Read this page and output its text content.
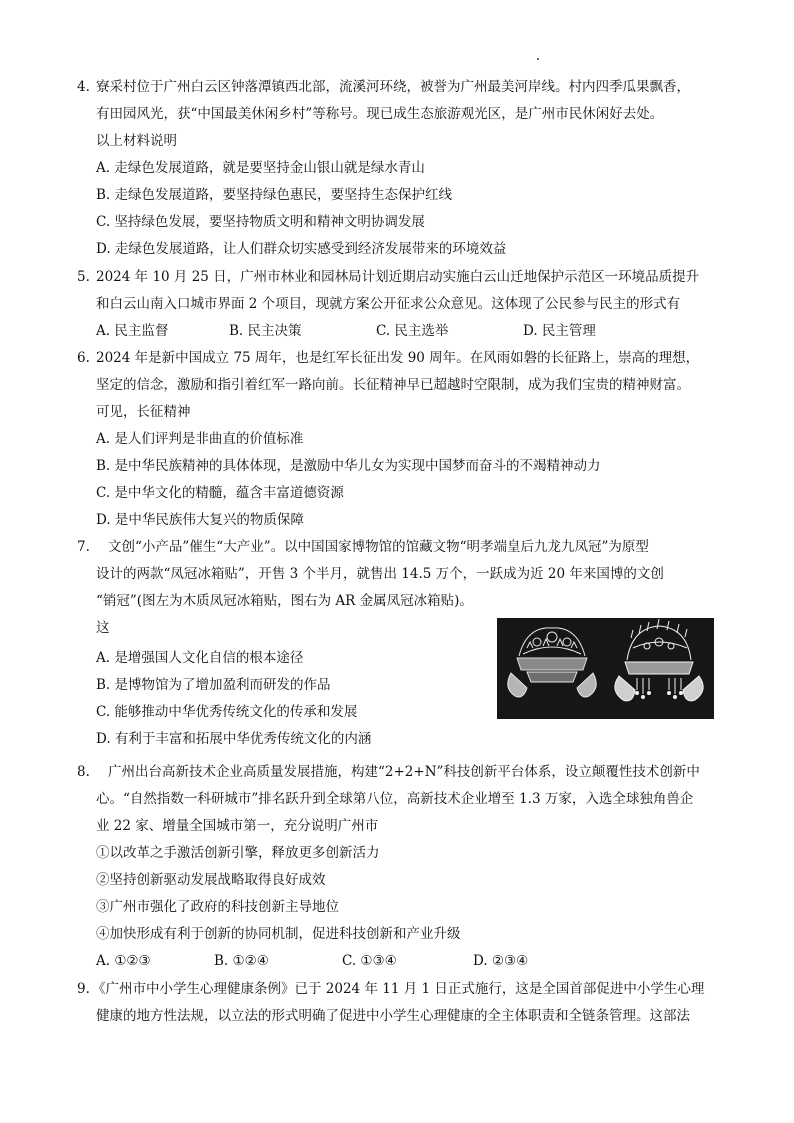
4. 寮采村位于广州白云区钟落潭镇西北部，流溪河环绕，被誉为广州最美河岸线。村内四季瓜果飘香，
有田园风光，获“中国最美休闲乡村”等称号。现已成生态旅游观光区，是广州市民休闲好去处。
以上材料说明
A. 走绿色发展道路，就是要坚持金山银山就是绿水青山
B. 走绿色发展道路，要坚持绿色惠民，要坚持生态保护红线
C. 坚持绿色发展，要坚持物质文明和精神文明协调发展
D. 走绿色发展道路，让人们群众切实感受到经济发展带来的环境效益
5. 2024 年 10 月 25 日，广州市林业和园林局计划近期启动实施白云山迁地保护示范区一环境品质提升
和白云山南入口城市界面 2 个项目，现就方案公开征求公众意见。这体现了公民参与民主的形式有
A. 民主监督	B. 民主决策	C. 民主选举	D. 民主管理
6. 2024 年是新中国成立 75 周年，也是红军长征出发 90 周年。在风雨如磐的长征路上，崇高的理想，
坚定的信念，激励和指引着红军一路向前。长征精神早已超越时空限制，成为我们宝贵的精神财富。
可见，长征精神
A. 是人们评判是非曲直的价值标准
B. 是中华民族精神的具体体现，是激励中华儿女为实现中国梦而奋斗的不竭精神动力
C. 是中华文化的精髓，蕴含丰富道德资源
D. 是中华民族伟大复兴的物质保障
7. 文创“小产品”催生“大产业”。以中国国家博物馆的馆藏文物“明孝端皇后九龙九凤冠”为原型
设计的两款“凤冠冰箱贴”，开售 3 个半月，就售出 14.5 万个，一跃成为近 20 年来国博的文创
“销冠”(图左为木质凤冠冰箱贴，图右为 AR 金属凤冠冰箱贴)。
这
A. 是增强国人文化自信的根本途径
B. 是博物馆为了增加盈利而研发的作品
C. 能够推动中华优秀传统文化的传承和发展
D. 有利于丰富和拓展中华优秀传统文化的内涵
8. 广州出台高新技术企业高质量发展措施，构建“2+2+N”科技创新平台体系，设立颠覆性技术创新中
心。“自然指数一科研城市”排名跃升到全球第八位，高新技术企业增至 1.3 万家，入选全球独角兽企
业 22 家、增量全国城市第一，充分说明广州市
①以改革之手激活创新引擎，释放更多创新活力
②坚持创新驱动发展战略取得良好成效
③广州市强化了政府的科技创新主导地位
④加快形成有利于创新的协同机制，促进科技创新和产业升级
A. ①②③	B. ①②④	C. ①③④	D. ②③④
9. 《广州市中小学生心理健康条例》已于 2024 年 11 月 1 日正式施行，这是全国首部促进中小学生心理
健康的地方性法规，以立法的形式明确了促进中小学生心理健康的全主体职责和全链条管理。这部法
